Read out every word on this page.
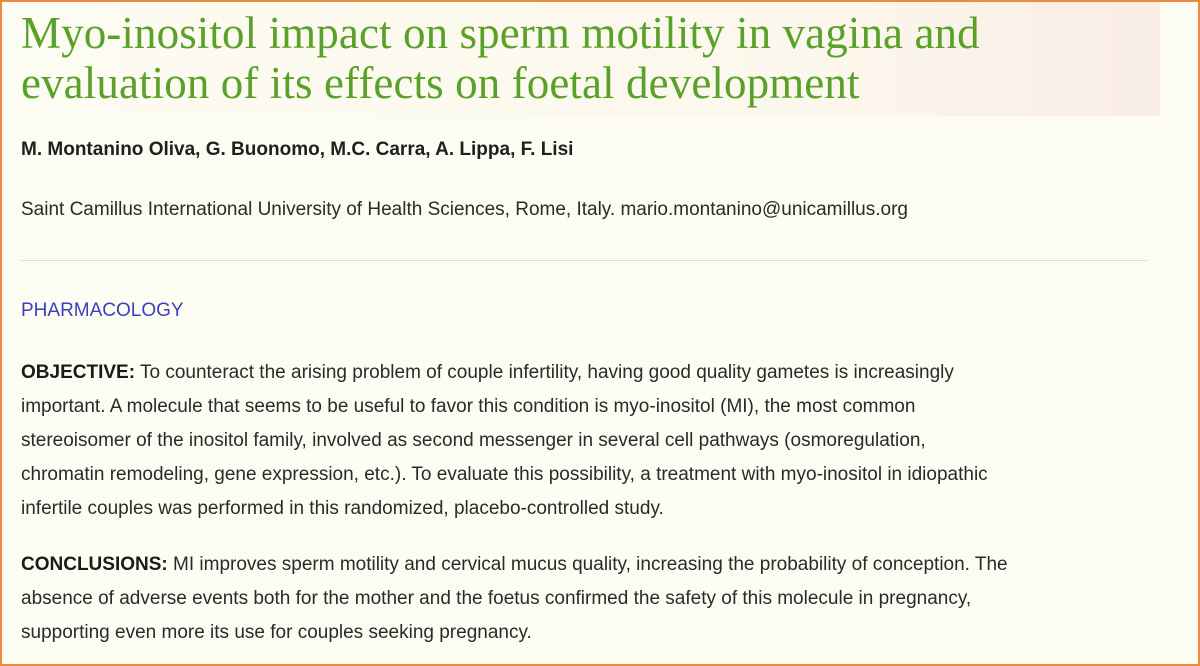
Myo-inositol impact on sperm motility in vagina and
evaluation of its effects on foetal development

M. Montanino Oliva, G. Buonomo, M.C. Carra, A. Lippa, F. Lisi

Saint Camillus International University of Health Sciences, Rome, Italy. mario.montanino@unicamillus.org

PHARMACOLOGY

OBJECTIVE: To counteract the arising problem of couple infertility, having good quality gametes is increasingly
important. A molecule that seems to be useful to favor this condition is myo-inositol (MI), the most common
stereoisomer of the inositol family, involved as second messenger in several cell pathways (osmoregulation,
chromatin remodeling, gene expression, etc.). To evaluate this possibility, a treatment with myo-inositol in idiopathic
infertile couples was performed in this randomized, placebo-controlled study.

CONCLUSIONS: MI improves sperm motility and cervical mucus quality, increasing the probability of conception. The
absence of adverse events both for the mother and the foetus confirmed the safety of this molecule in pregnancy,
supporting even more its use for couples seeking pregnancy.
